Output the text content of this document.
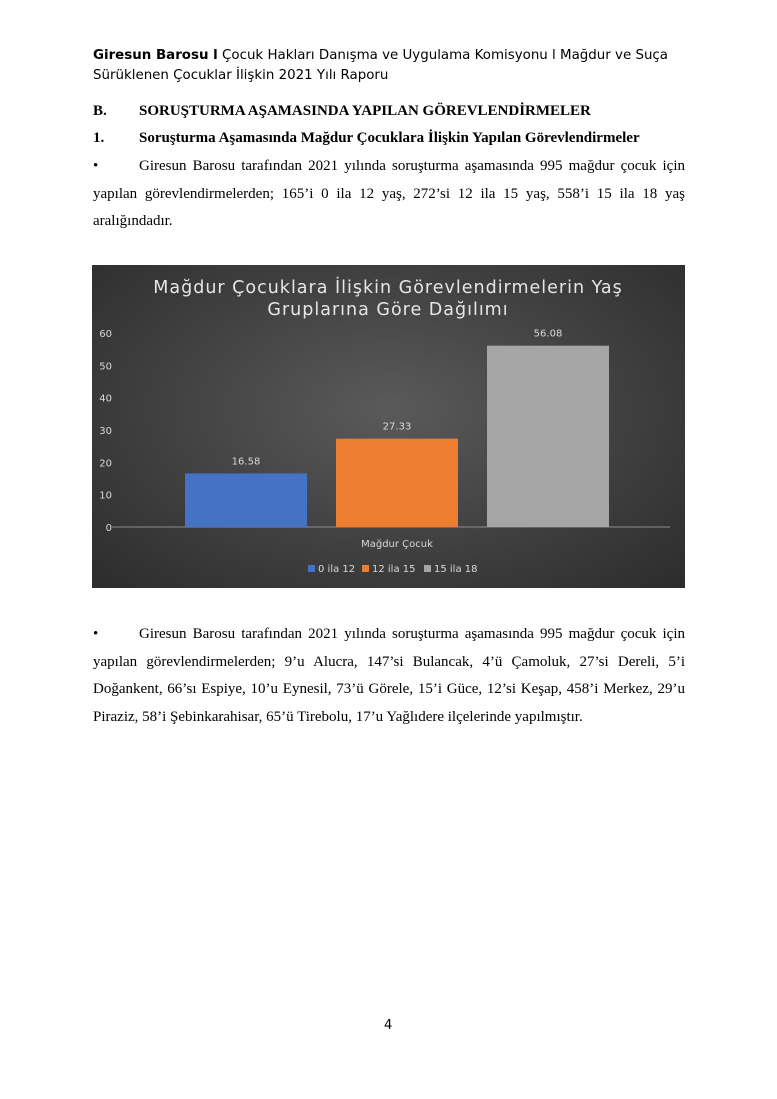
Giresun Barosu l Çocuk Hakları Danışma ve Uygulama Komisyonu l Mağdur ve Suça Sürüklenen Çocuklar İlişkin 2021 Yılı Raporu
B. SORUŞTURMA AŞAMASINDA YAPILAN GÖREVLENDİRMELER
1. Soruşturma Aşamasında Mağdur Çocuklara İlişkin Yapılan Görevlendirmeler
•	Giresun Barosu tarafından 2021 yılında soruşturma aşamasında 995 mağdur çocuk için yapılan görevlendirmelerden; 165’i 0 ila 12 yaş, 272’si 12 ila 15 yaş, 558’i 15 ila 18 yaş aralığındadır.
Mağdur Çocuklara İlişkin Görevlendirmelerin Yaş
Gruplarına Göre Dağılımı
0
10
20
30
40
50
60
16.58
27.33
56.08
Mağdur Çocuk
0 ila 12 12 ila 15 15 ila 18
•	Giresun Barosu tarafından 2021 yılında soruşturma aşamasında 995 mağdur çocuk için yapılan görevlendirmelerden; 9’u Alucra, 147’si Bulancak, 4’ü Çamoluk, 27’si Dereli, 5’i Doğankent, 66’sı Espiye, 10’u Eynesil, 73’ü Görele, 15’i Güce, 12’si Keşap, 458’i Merkez, 29’u Piraziz, 58’i Şebinkarahisar, 65’ü Tirebolu, 17’u Yağlıdere ilçelerinde yapılmıştır.
4
